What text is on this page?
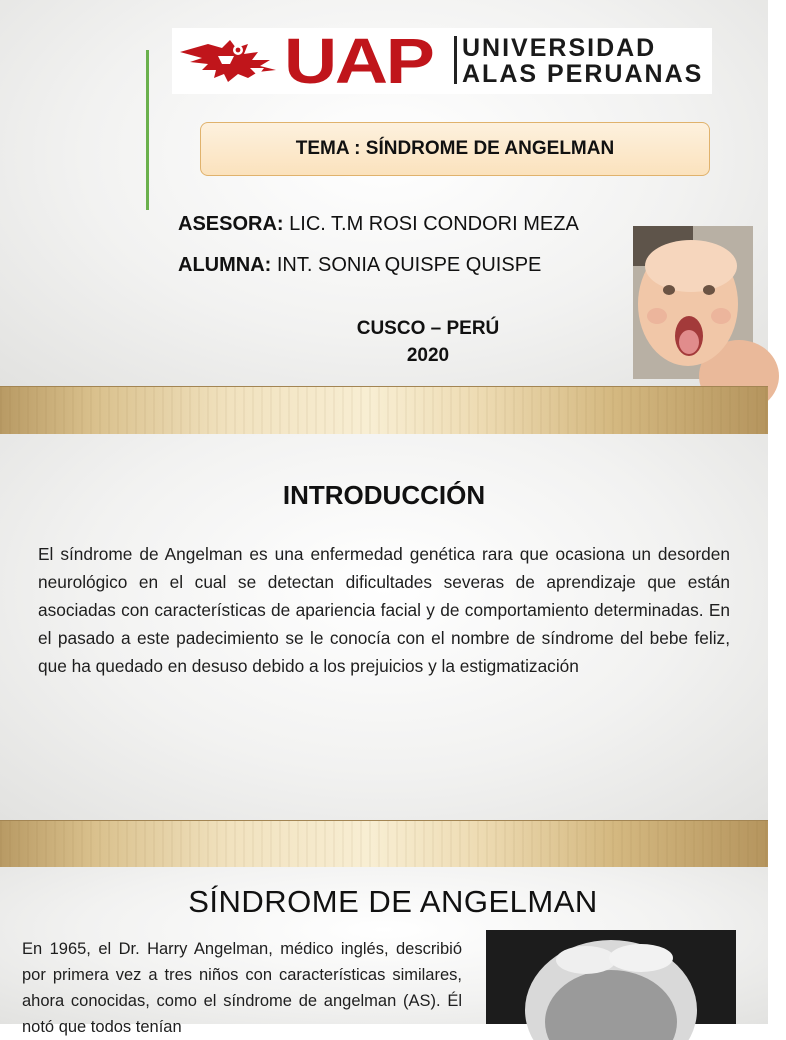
UAP UNIVERSIDAD
ALAS PERUANAS
TEMA : SÍNDROME DE ANGELMAN
ASESORA: LIC. T.M ROSI CONDORI MEZA
ALUMNA: INT. SONIA QUISPE QUISPE
CUSCO – PERÚ
2020
INTRODUCCIÓN
El síndrome de Angelman es una enfermedad genética rara que ocasiona un desorden neurológico en el cual se detectan dificultades severas de aprendizaje que están asociadas con características de apariencia facial y de comportamiento determinadas. En el pasado a este padecimiento se le conocía con el nombre de síndrome del bebe feliz, que ha quedado en desuso debido a los prejuicios y la estigmatización
SÍNDROME DE ANGELMAN
En 1965, el Dr. Harry Angelman, médico inglés, describió por primera vez a tres niños con características similares, ahora conocidas, como el síndrome de angelman (AS). Él notó que todos tenían
